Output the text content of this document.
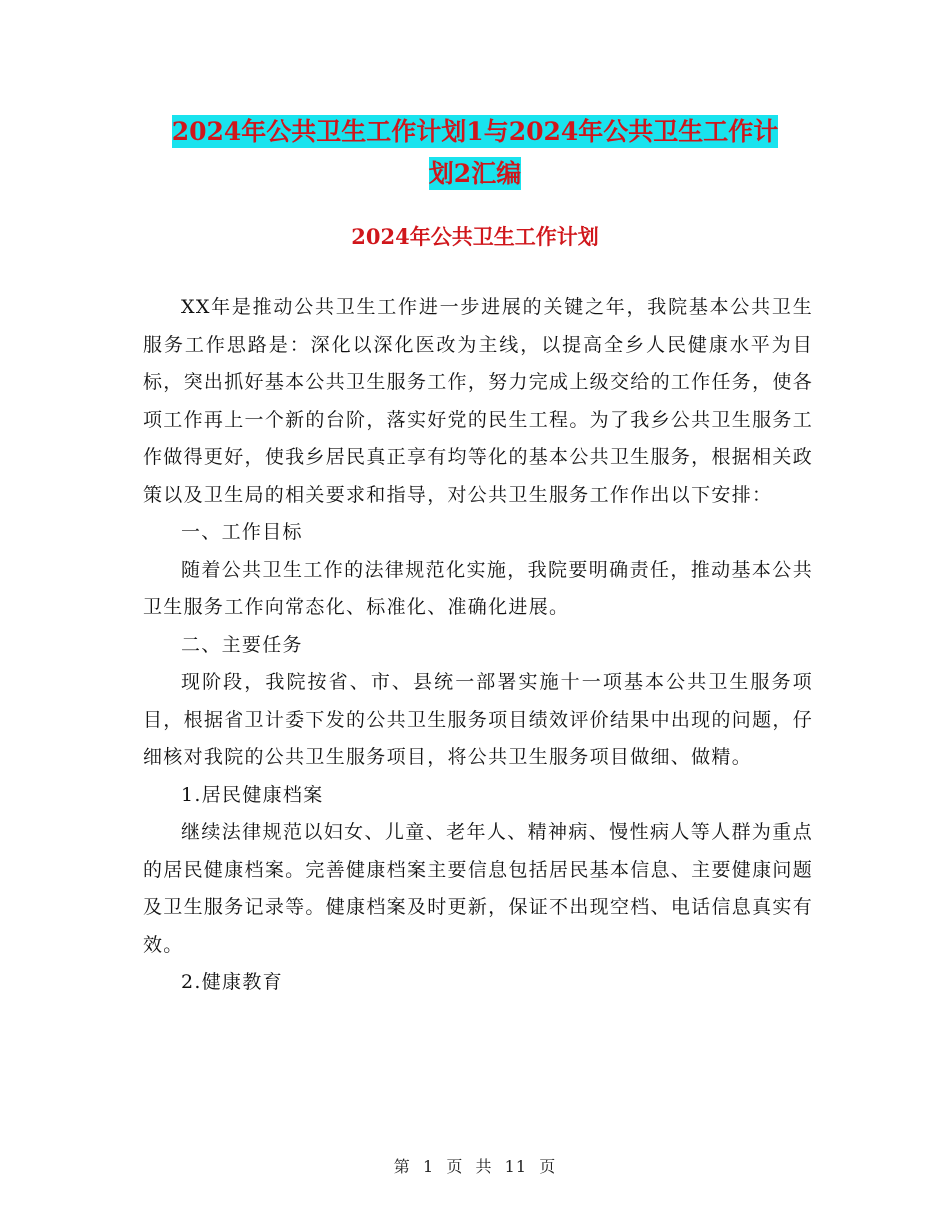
2024年公共卫生工作计划1与2024年公共卫生工作计
划2汇编
2024年公共卫生工作计划

XX年是推动公共卫生工作进一步进展的关键之年，我院基本公共卫生服务工作思路是：深化以深化医改为主线，以提高全乡人民健康水平为目标，突出抓好基本公共卫生服务工作，努力完成上级交给的工作任务，使各项工作再上一个新的台阶，落实好党的民生工程。为了我乡公共卫生服务工作做得更好，使我乡居民真正享有均等化的基本公共卫生服务，根据相关政策以及卫生局的相关要求和指导，对公共卫生服务工作作出以下安排：

一、工作目标

随着公共卫生工作的法律规范化实施，我院要明确责任，推动基本公共卫生服务工作向常态化、标准化、准确化进展。

二、主要任务

现阶段，我院按省、市、县统一部署实施十一项基本公共卫生服务项目，根据省卫计委下发的公共卫生服务项目绩效评价结果中出现的问题，仔细核对我院的公共卫生服务项目，将公共卫生服务项目做细、做精。

1.居民健康档案

继续法律规范以妇女、儿童、老年人、精神病、慢性病人等人群为重点的居民健康档案。完善健康档案主要信息包括居民基本信息、主要健康问题及卫生服务记录等。健康档案及时更新，保证不出现空档、电话信息真实有效。

2.健康教育

第  1  页  共  11  页
